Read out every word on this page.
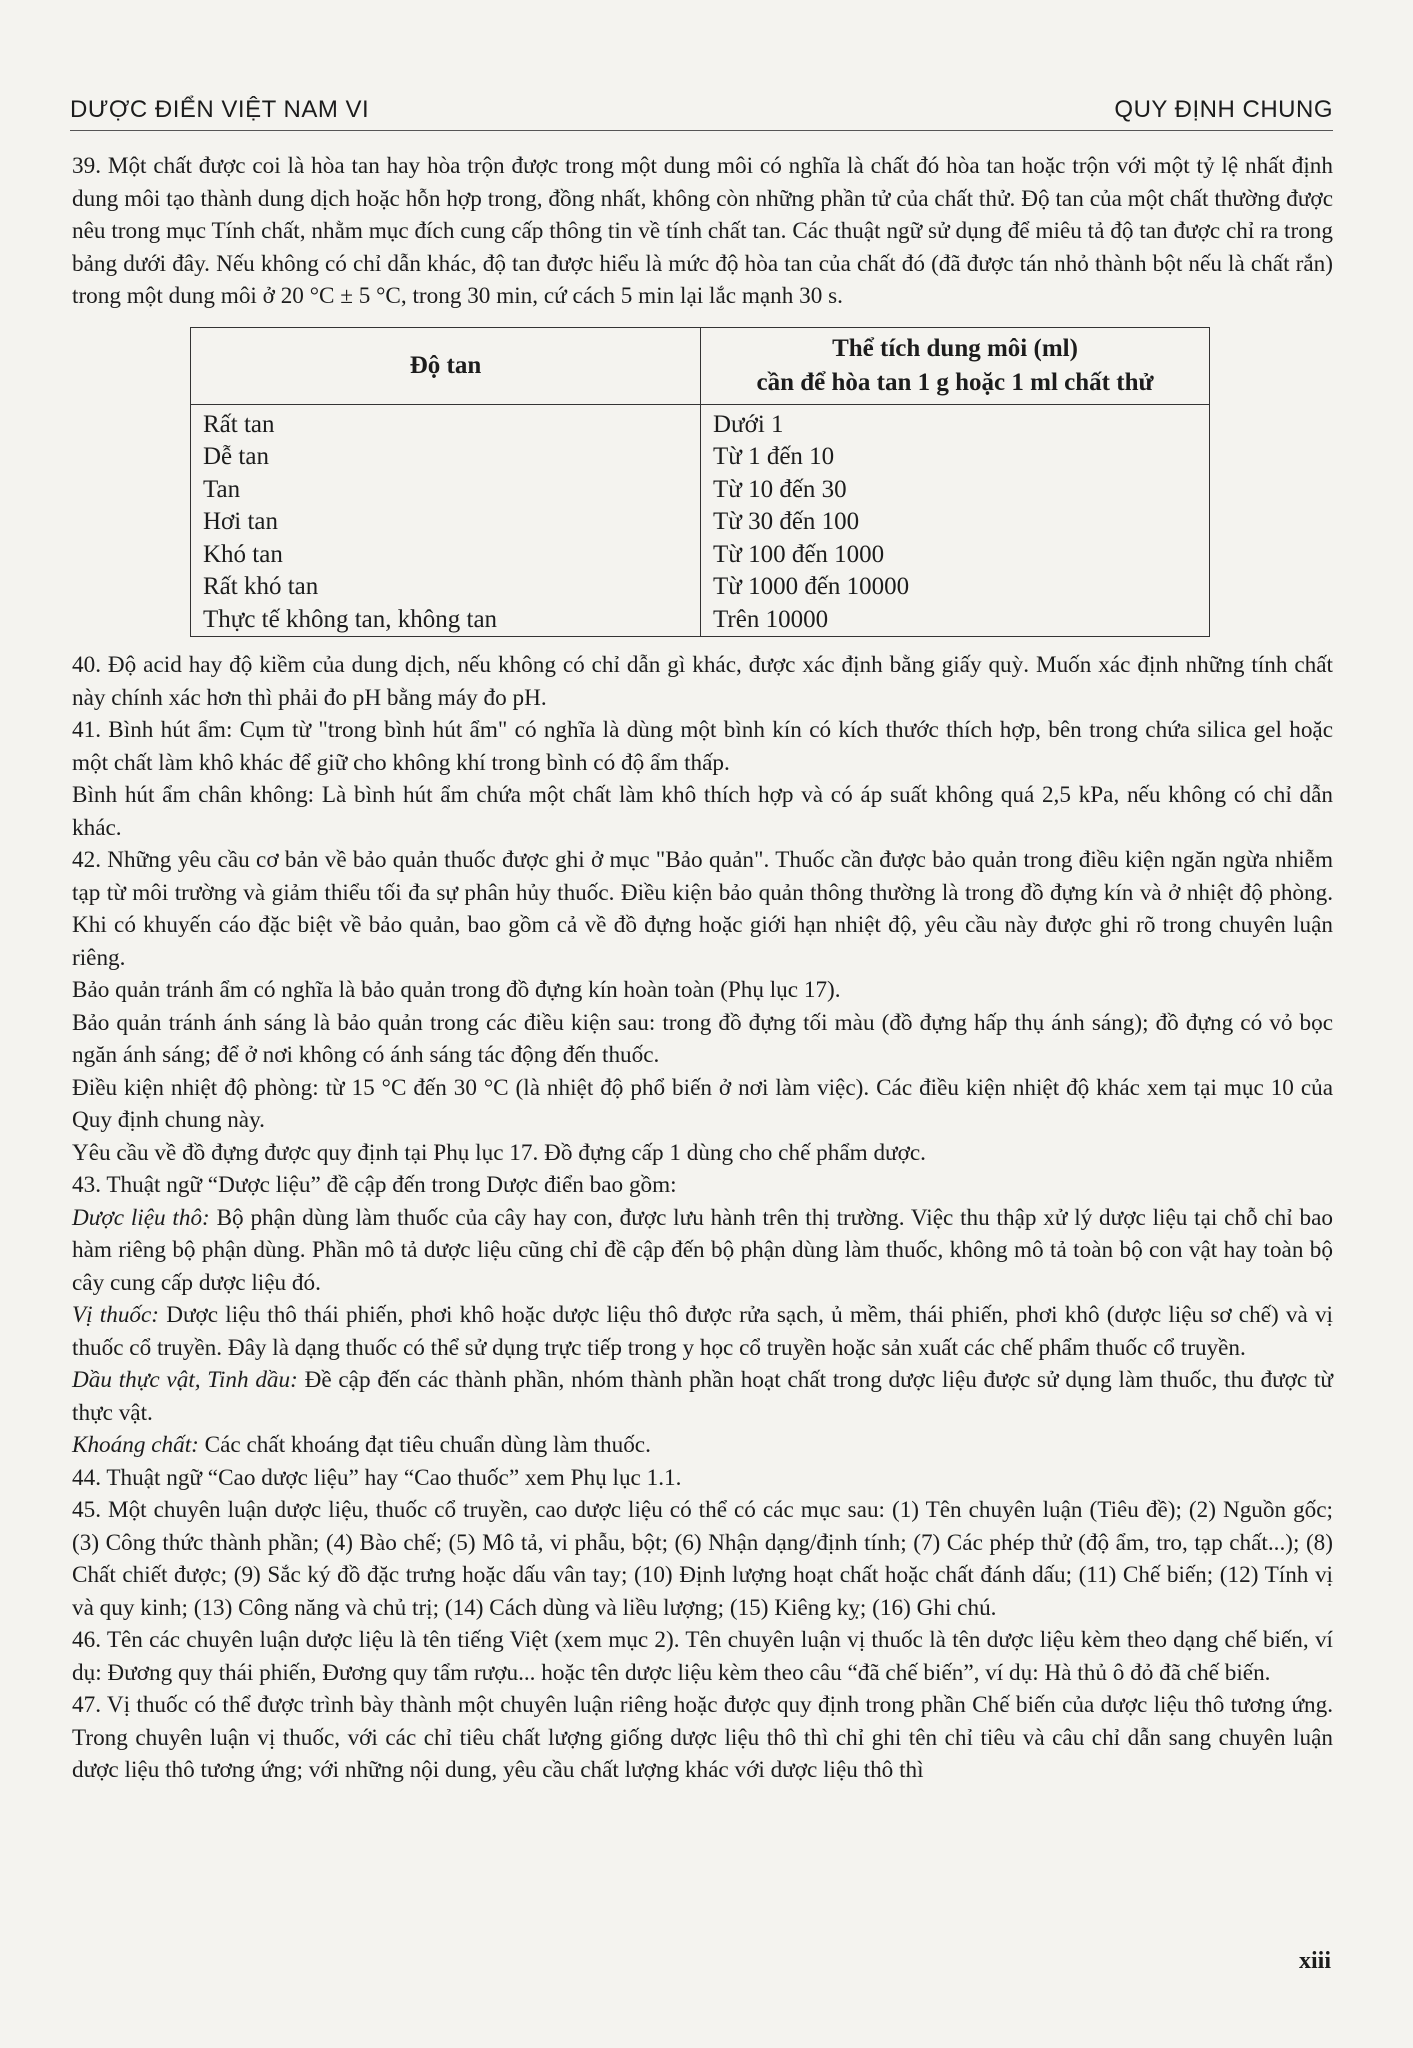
DƯỢC ĐIỂN VIỆT NAM VI	QUY ĐỊNH CHUNG

39. Một chất được coi là hòa tan hay hòa trộn được trong một dung môi có nghĩa là chất đó hòa tan hoặc trộn với một tỷ lệ nhất định dung môi tạo thành dung dịch hoặc hỗn hợp trong, đồng nhất, không còn những phần tử của chất thử. Độ tan của một chất thường được nêu trong mục Tính chất, nhằm mục đích cung cấp thông tin về tính chất tan. Các thuật ngữ sử dụng để miêu tả độ tan được chỉ ra trong bảng dưới đây. Nếu không có chỉ dẫn khác, độ tan được hiểu là mức độ hòa tan của chất đó (đã được tán nhỏ thành bột nếu là chất rắn) trong một dung môi ở 20 °C ± 5 °C, trong 30 min, cứ cách 5 min lại lắc mạnh 30 s.

Độ tan	Thể tích dung môi (ml)
cần để hòa tan 1 g hoặc 1 ml chất thử

Rất tan	Dưới 1
Dễ tan	Từ 1 đến 10
Tan	Từ 10 đến 30
Hơi tan	Từ 30 đến 100
Khó tan	Từ 100 đến 1000
Rất khó tan	Từ 1000 đến 10000
Thực tế không tan, không tan	Trên 10000

40. Độ acid hay độ kiềm của dung dịch, nếu không có chỉ dẫn gì khác, được xác định bằng giấy quỳ. Muốn xác định những tính chất này chính xác hơn thì phải đo pH bằng máy đo pH.

41. Bình hút ẩm: Cụm từ "trong bình hút ẩm" có nghĩa là dùng một bình kín có kích thước thích hợp, bên trong chứa silica gel hoặc một chất làm khô khác để giữ cho không khí trong bình có độ ẩm thấp.

Bình hút ẩm chân không: Là bình hút ẩm chứa một chất làm khô thích hợp và có áp suất không quá 2,5 kPa, nếu không có chỉ dẫn khác.

42. Những yêu cầu cơ bản về bảo quản thuốc được ghi ở mục "Bảo quản". Thuốc cần được bảo quản trong điều kiện ngăn ngừa nhiễm tạp từ môi trường và giảm thiểu tối đa sự phân hủy thuốc. Điều kiện bảo quản thông thường là trong đồ đựng kín và ở nhiệt độ phòng. Khi có khuyến cáo đặc biệt về bảo quản, bao gồm cả về đồ đựng hoặc giới hạn nhiệt độ, yêu cầu này được ghi rõ trong chuyên luận riêng.

Bảo quản tránh ẩm có nghĩa là bảo quản trong đồ đựng kín hoàn toàn (Phụ lục 17).

Bảo quản tránh ánh sáng là bảo quản trong các điều kiện sau: trong đồ đựng tối màu (đồ đựng hấp thụ ánh sáng); đồ đựng có vỏ bọc ngăn ánh sáng; để ở nơi không có ánh sáng tác động đến thuốc.

Điều kiện nhiệt độ phòng: từ 15 °C đến 30 °C (là nhiệt độ phổ biến ở nơi làm việc). Các điều kiện nhiệt độ khác xem tại mục 10 của Quy định chung này.

Yêu cầu về đồ đựng được quy định tại Phụ lục 17. Đồ đựng cấp 1 dùng cho chế phẩm dược.

43. Thuật ngữ “Dược liệu” đề cập đến trong Dược điển bao gồm:

Dược liệu thô: Bộ phận dùng làm thuốc của cây hay con, được lưu hành trên thị trường. Việc thu thập xử lý dược liệu tại chỗ chỉ bao hàm riêng bộ phận dùng. Phần mô tả dược liệu cũng chỉ đề cập đến bộ phận dùng làm thuốc, không mô tả toàn bộ con vật hay toàn bộ cây cung cấp dược liệu đó.

Vị thuốc: Dược liệu thô thái phiến, phơi khô hoặc dược liệu thô được rửa sạch, ủ mềm, thái phiến, phơi khô (dược liệu sơ chế) và vị thuốc cổ truyền. Đây là dạng thuốc có thể sử dụng trực tiếp trong y học cổ truyền hoặc sản xuất các chế phẩm thuốc cổ truyền.

Dầu thực vật, Tinh dầu: Đề cập đến các thành phần, nhóm thành phần hoạt chất trong dược liệu được sử dụng làm thuốc, thu được từ thực vật.

Khoáng chất: Các chất khoáng đạt tiêu chuẩn dùng làm thuốc.

44. Thuật ngữ “Cao dược liệu” hay “Cao thuốc” xem Phụ lục 1.1.

45. Một chuyên luận dược liệu, thuốc cổ truyền, cao dược liệu có thể có các mục sau: (1) Tên chuyên luận (Tiêu đề); (2) Nguồn gốc; (3) Công thức thành phần; (4) Bào chế; (5) Mô tả, vi phẫu, bột; (6) Nhận dạng/định tính; (7) Các phép thử (độ ẩm, tro, tạp chất...); (8) Chất chiết được; (9) Sắc ký đồ đặc trưng hoặc dấu vân tay; (10) Định lượng hoạt chất hoặc chất đánh dấu; (11) Chế biến; (12) Tính vị và quy kinh; (13) Công năng và chủ trị; (14) Cách dùng và liều lượng; (15) Kiêng kỵ; (16) Ghi chú.

46. Tên các chuyên luận dược liệu là tên tiếng Việt (xem mục 2). Tên chuyên luận vị thuốc là tên dược liệu kèm theo dạng chế biến, ví dụ: Đương quy thái phiến, Đương quy tẩm rượu... hoặc tên dược liệu kèm theo câu “đã chế biến”, ví dụ: Hà thủ ô đỏ đã chế biến.

47. Vị thuốc có thể được trình bày thành một chuyên luận riêng hoặc được quy định trong phần Chế biến của dược liệu thô tương ứng. Trong chuyên luận vị thuốc, với các chỉ tiêu chất lượng giống dược liệu thô thì chỉ ghi tên chỉ tiêu và câu chỉ dẫn sang chuyên luận dược liệu thô tương ứng; với những nội dung, yêu cầu chất lượng khác với dược liệu thô thì

xiii
